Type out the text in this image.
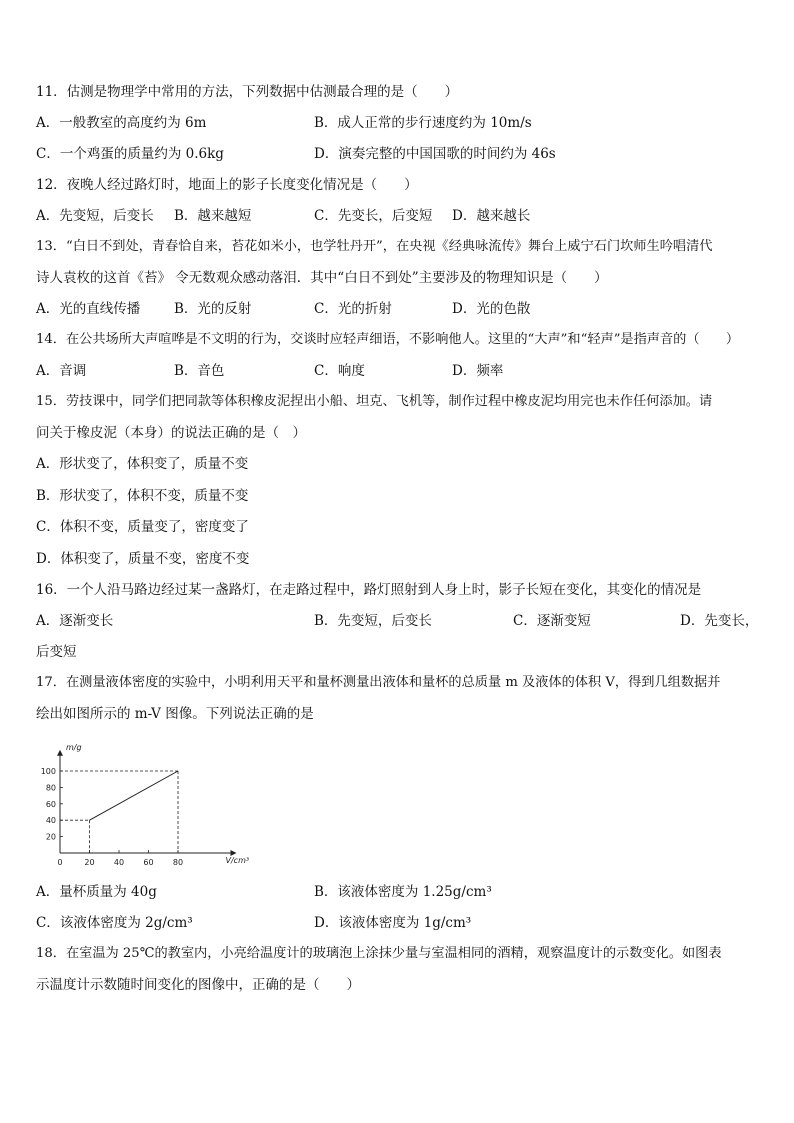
11．估测是物理学中常用的方法，下列数据中估测最合理的是（　　）
A．一般教室的高度约为 6m	B．成人正常的步行速度约为 10m/s
C．一个鸡蛋的质量约为 0.6kg	D．演奏完整的中国国歌的时间约为 46s
12．夜晚人经过路灯时，地面上的影子长度变化情况是（　　）
A．先变短，后变长 B．越来越短	C．先变长，后变短 D．越来越长
13．“白日不到处，青春恰自来，苔花如米小，也学牡丹开”，在央视《经典咏流传》舞台上威宁石门坎师生吟唱清代
诗人袁枚的这首《苔》 令无数观众感动落泪．其中“白日不到处”主要涉及的物理知识是（　　）
A．光的直线传播	B．光的反射	C．光的折射	D．光的色散
14．在公共场所大声喧哗是不文明的行为，交谈时应轻声细语，不影响他人。这里的“大声”和“轻声”是指声音的（　　）
A．音调	B．音色	C．响度	D．频率
15．劳技课中，同学们把同款等体积橡皮泥捏出小船、坦克、飞机等，制作过程中橡皮泥均用完也未作任何添加。请
问关于橡皮泥（本身）的说法正确的是（　）
A．形状变了，体积变了，质量不变
B．形状变了，体积不变，质量不变
C．体积不变，质量变了，密度变了
D．体积变了，质量不变，密度不变
16．一个人沿马路边经过某一盏路灯，在走路过程中，路灯照射到人身上时，影子长短在变化，其变化的情况是
A．逐渐变长	B．先变短，后变长	C．逐渐变短	D．先变长，
后变短
17．在测量液体密度的实验中，小明利用天平和量杯测量出液体和量杯的总质量 m 及液体的体积 V，得到几组数据并
绘出如图所示的 m-V 图像。下列说法正确的是
m/g
V/cm³
0	20 40 60 80
20
40
60
80
100
A．量杯质量为 40g	B．该液体密度为 1.25g/cm³
C．该液体密度为 2g/cm³	D．该液体密度为 1g/cm³
18．在室温为 25℃的教室内，小亮给温度计的玻璃泡上涂抹少量与室温相同的酒精，观察温度计的示数变化。如图表
示温度计示数随时间变化的图像中，正确的是（　　）
